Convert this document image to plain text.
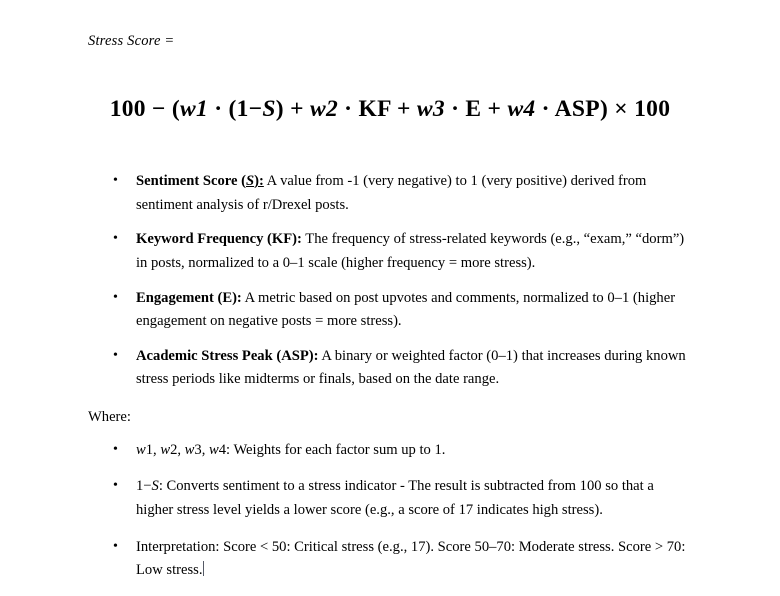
Stress Score =
100 − (w1 · (1−S) + w2 · KF + w3 · E + w4 · ASP) × 100
• Sentiment Score (S): A value from -1 (very negative) to 1 (very positive) derived from sentiment analysis of r/Drexel posts.
• Keyword Frequency (KF): The frequency of stress-related keywords (e.g., “exam,” “dorm”) in posts, normalized to a 0–1 scale (higher frequency = more stress).
• Engagement (E): A metric based on post upvotes and comments, normalized to 0–1 (higher engagement on negative posts = more stress).
• Academic Stress Peak (ASP): A binary or weighted factor (0–1) that increases during known stress periods like midterms or finals, based on the date range.

Where:

• w1, w2, w3, w4: Weights for each factor sum up to 1.
• 1−S: Converts sentiment to a stress indicator - The result is subtracted from 100 so that a higher stress level yields a lower score (e.g., a score of 17 indicates high stress).
• Interpretation: Score < 50: Critical stress (e.g., 17). Score 50–70: Moderate stress. Score > 70: Low stress.
